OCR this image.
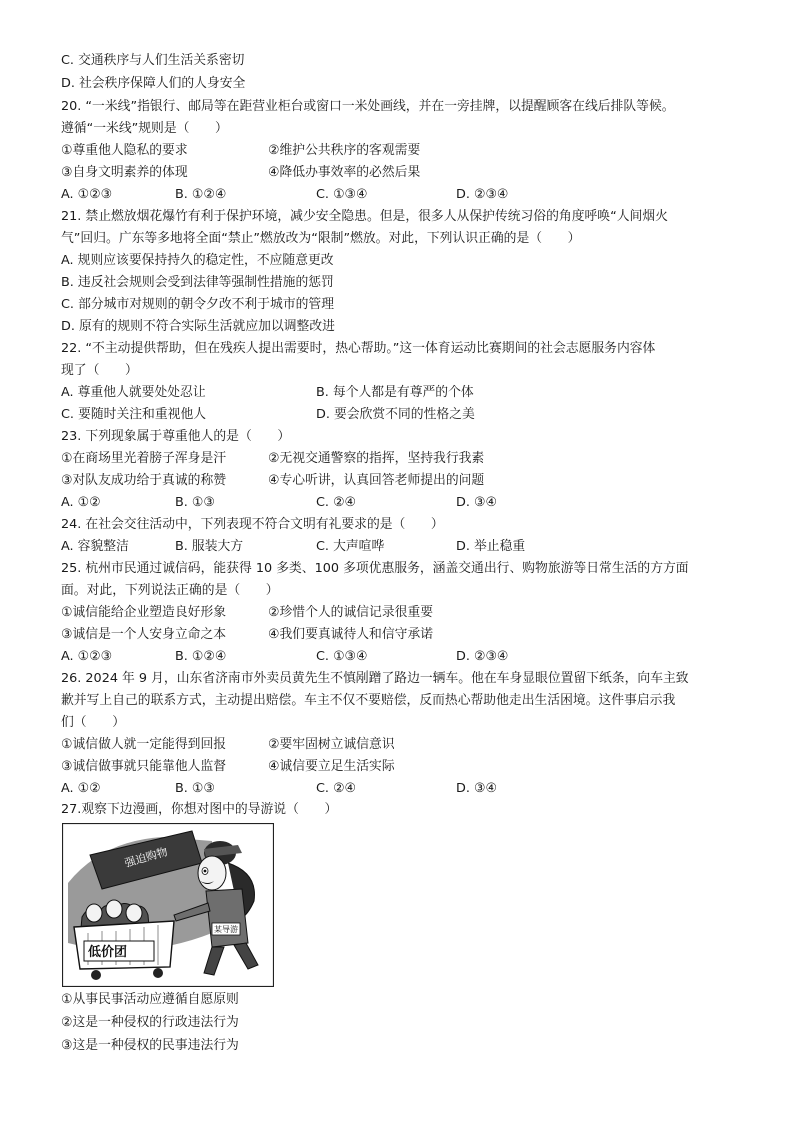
C. 交通秩序与人们生活关系密切
D. 社会秩序保障人们的人身安全
20. “一米线”指银行、邮局等在距营业柜台或窗口一米处画线，并在一旁挂牌，以提醒顾客在线后排队等候。
遵循“一米线”规则是（　　）
①尊重他人隐私的要求	②维护公共秩序的客观需要
③自身文明素养的体现	④降低办事效率的必然后果
A. ①②③	B. ①②④	C. ①③④	D. ②③④
21. 禁止燃放烟花爆竹有利于保护环境，减少安全隐患。但是，很多人从保护传统习俗的角度呼唤“人间烟火
气”回归。广东等多地将全面“禁止”燃放改为“限制”燃放。对此，下列认识正确的是（　　）
A. 规则应该要保持持久的稳定性，不应随意更改
B. 违反社会规则会受到法律等强制性措施的惩罚
C. 部分城市对规则的朝令夕改不利于城市的管理
D. 原有的规则不符合实际生活就应加以调整改进
22. “不主动提供帮助，但在残疾人提出需要时，热心帮助。”这一体育运动比赛期间的社会志愿服务内容体
现了（　　）
A. 尊重他人就要处处忍让	B. 每个人都是有尊严的个体
C. 要随时关注和重视他人	D. 要会欣赏不同的性格之美
23. 下列现象属于尊重他人的是（　　）
①在商场里光着膀子浑身是汗	②无视交通警察的指挥，坚持我行我素
③对队友成功给于真诚的称赞	④专心听讲，认真回答老师提出的问题
A. ①②	B. ①③	C. ②④	D. ③④
24. 在社会交往活动中，下列表现不符合文明有礼要求的是（　　）
A. 容貌整洁	B. 服装大方	C. 大声喧哗	D. 举止稳重
25. 杭州市民通过诚信码，能获得 10 多类、100 多项优惠服务，涵盖交通出行、购物旅游等日常生活的方方面
面。对此，下列说法正确的是（　　）
①诚信能给企业塑造良好形象	②珍惜个人的诚信记录很重要
③诚信是一个人安身立命之本	④我们要真诚待人和信守承诺
A. ①②③	B. ①②④	C. ①③④	D. ②③④
26. 2024 年 9 月，山东省济南市外卖员黄先生不慎剐蹭了路边一辆车。他在车身显眼位置留下纸条，向车主致
歉并写上自己的联系方式，主动提出赔偿。车主不仅不要赔偿，反而热心帮助他走出生活困境。这件事启示我
们（　　）
①诚信做人就一定能得到回报	②要牢固树立诚信意识
③诚信做事就只能靠他人监督	④诚信要立足生活实际
A. ①②	B. ①③	C. ②④	D. ③④
27.观察下边漫画，你想对图中的导游说（　　）
强迫购物
某导游
低价团
①从事民事活动应遵循自愿原则
②这是一种侵权的行政违法行为
③这是一种侵权的民事违法行为
